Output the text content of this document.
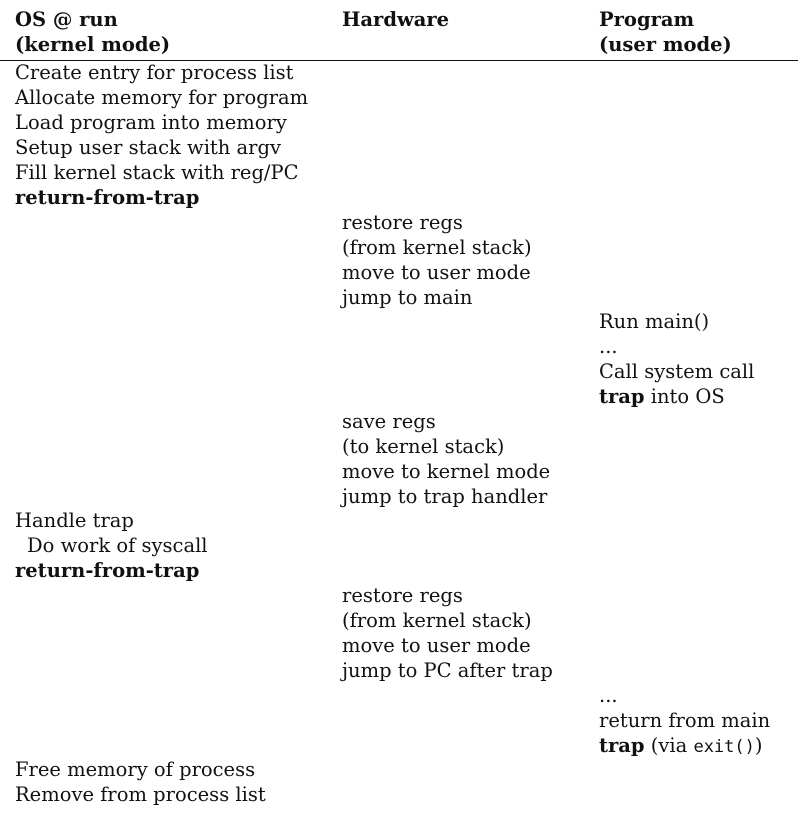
OS @ run
(kernel mode)
Hardware	Program
(user mode)
Create entry for process list
Allocate memory for program
Load program into memory
Setup user stack with argv
Fill kernel stack with reg/PC
return-from-trap
restore regs
(from kernel stack)
move to user mode
jump to main
Run main()
...
Call system call
trap into OS
save regs
(to kernel stack)
move to kernel mode
jump to trap handler
Handle trap
Do work of syscall
return-from-trap
restore regs
(from kernel stack)
move to user mode
jump to PC after trap
...
return from main
trap (via exit())
Free memory of process
Remove from process list
